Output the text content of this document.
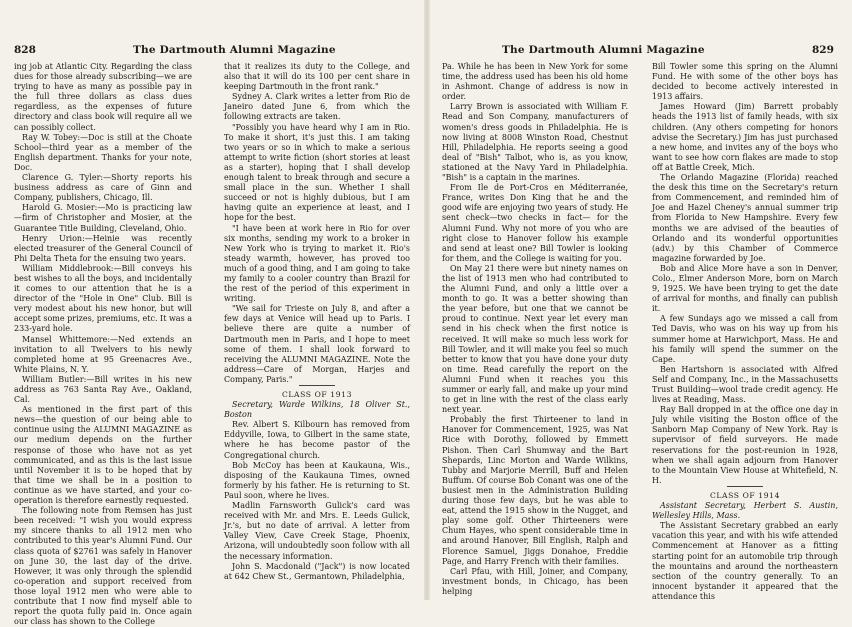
828	The Dartmouth Alumni Magazine

ing job at Atlantic City. Regarding the class dues for those already subscribing—we are trying to have as many as possible pay in the full three dollars as class dues regardless, as the expenses of future directory and class book will require all we can possibly collect.

Ray W. Tobey:—Doc is still at the Choate School—third year as a member of the English department. Thanks for your note, Doc.

Clarence G. Tyler:—Shorty reports his business address as care of Ginn and Company, publishers, Chicago, Ill.

Harold G. Mosier:—Mo is practicing law—firm of Christopher and Mosier, at the Guarantee Title Building, Cleveland, Ohio.

Henry Urion:—Heinie was recently elected treasurer of the General Council of Phi Delta Theta for the ensuing two years.

William Middlebrook:—Bill conveys his best wishes to all the boys, and incidentally it comes to our attention that he is a director of the "Hole in One" Club. Bill is very modest about his new honor, but will accept some prizes, premiums, etc. It was a 233-yard hole.

Mansel Whittemore:—Ned extends an invitation to all Twelvers to his newly completed home at 95 Greenacres Ave., White Plains, N. Y.

William Butler:—Bill writes in his new address as 763 Santa Ray Ave., Oakland, Cal.

As mentioned in the first part of this news—the question of our being able to continue using the ALUMNI MAGAZINE as our medium depends on the further response of those who have not as yet communicated, and as this is the last issue until November it is to be hoped that by that time we shall be in a position to continue as we have started, and your co-operation is therefore earnestly requested.

The following note from Remsen has just been received: "I wish you would express my sincere thanks to all 1912 men who contributed to this year's Alumni Fund. Our class quota of $2761 was safely in Hanover on June 30, the last day of the drive. However, it was only through the splendid co-operation and support received from those loyal 1912 men who were able to contribute that I now find myself able to report the quota fully paid in. Once again our class has shown to the College

that it realizes its duty to the College, and also that it will do its 100 per cent share in keeping Dartmouth in the front rank."

Sydney A. Clark writes a letter from Rio de Janeiro dated June 6, from which the following extracts are taken.

"Possibly you have heard why I am in Rio. To make it short, it's just this. I am taking two years or so in which to make a serious attempt to write fiction (short stories at least as a starter), hoping that I shall develop enough talent to break through and secure a small place in the sun. Whether I shall succeed or not is highly dubious, but I am having quite an experience at least, and I hope for the best.

"I have been at work here in Rio for over six months, sending my work to a broker in New York who is trying to market it. Rio's steady warmth, however, has proved too much of a good thing, and I am going to take my family to a cooler country than Brazil for the rest of the period of this experiment in writing.

"We sail for Trieste on July 8, and after a few days at Venice will head up to Paris. I believe there are quite a number of Dartmouth men in Paris, and I hope to meet some of them. I shall look forward to receiving the ALUMNI MAGAZINE. Note the address—Care of Morgan, Harjes and Company, Paris."

CLASS OF 1913

Secretary, Warde Wilkins, 18 Oliver St., Boston

Rev. Albert S. Kilbourn has removed from Eddyville, Iowa, to Gilbert in the same state, where he has become pastor of the Congregational church.

Bob McCoy has been at Kaukauna, Wis., disposing of the Kaukauna Times, owned formerly by his father. He is returning to St. Paul soon, where he lives.

Madlin Farnsworth Gulick's card was received with Mr. and Mrs. E. Leeds Gulick, Jr.'s, but no date of arrival. A letter from Valley View, Cave Creek Stage, Phoenix, Arizona, will undoubtedly soon follow with all the necessary information.

John S. Macdonald ("Jack") is now located at 642 Chew St., Germantown, Philadelphia,

The Dartmouth Alumni Magazine	829

Pa. While he has been in New York for some time, the address used has been his old home in Ashmont. Change of address is now in order.

Larry Brown is associated with William F. Read and Son Company, manufacturers of women's dress goods in Philadelphia. He is now living at 8008 Winston Road, Chestnut Hill, Philadelphia. He reports seeing a good deal of "Bish" Talbot, who is, as you know, stationed at the Navy Yard in Philadelphia. "Bish" is a captain in the marines.

From Ile de Port-Cros en Méditerranée, France, writes Don King that he and the good wife are enjoying two years of study. He sent check—two checks in fact— for the Alumni Fund. Why not more of you who are right close to Hanover follow his example and send at least one? Bill Towler is looking for them, and the College is waiting for you.

On May 21 there were but ninety names on the list of 1913 men who had contributed to the Alumni Fund, and only a little over a month to go. It was a better showing than the year before, but one that we cannot be proud to continue. Next year let every man send in his check when the first notice is received. It will make so much less work for Bill Towler, and it will make you feel so much better to know that you have done your duty on time. Read carefully the report on the Alumni Fund when it reaches you this summer or early fall, and make up your mind to get in line with the rest of the class early next year.

Probably the first Thirteener to land in Hanover for Commencement, 1925, was Nat Rice with Dorothy, followed by Emmett Pishon. Then Carl Shumway and the Bart Shepards, Linc Morton and Warde Wilkins, Tubby and Marjorie Merrill, Buff and Helen Buffum. Of course Bob Conant was one of the busiest men in the Administration Building during those few days, but he was able to eat, attend the 1915 show in the Nugget, and play some golf. Other Thirteeners were Chum Hayes, who spent considerable time in and around Hanover, Bill English, Ralph and Florence Samuel, Jiggs Donahoe, Freddie Page, and Harry French with their families.

Carl Pfau, with Hill, Joiner, and Company, investment bonds, in Chicago, has been helping

Bill Towler some this spring on the Alumni Fund. He with some of the other boys has decided to become actively interested in 1913 affairs.

James Howard (Jim) Barrett probably heads the 1913 list of family heads, with six children. (Any others competing for honors advise the Secretary.) Jim has just purchased a new home, and invites any of the boys who want to see how corn flakes are made to stop off at Battle Creek, Mich.

The Orlando Magazine (Florida) reached the desk this time on the Secretary's return from Commencement, and reminded him of Joe and Hazel Cheney's annual summer trip from Florida to New Hampshire. Every few months we are advised of the beauties of Orlando and its wonderful opportunities (adv.) by this Chamber of Commerce magazine forwarded by Joe.

Bob and Alice More have a son in Denver, Colo., Elmer Anderson More, born on March 9, 1925. We have been trying to get the date of arrival for months, and finally can publish it.

A few Sundays ago we missed a call from Ted Davis, who was on his way up from his summer home at Harwichport, Mass. He and his family will spend the summer on the Cape.

Ben Hartshorn is associated with Alfred Self and Company, Inc., in the Massachusetts Trust Building—wool trade credit agency. He lives at Reading, Mass.

Ray Ball dropped in at the office one day in July while visiting the Boston office of the Sanborn Map Company of New York. Ray is supervisor of field surveyors. He made reservations for the post-reunion in 1928, when we shall again adjourn from Hanover to the Mountain View House at Whitefield, N. H.

CLASS OF 1914

Assistant Secretary, Herbert S. Austin, Wellesley Hills, Mass.

The Assistant Secretary grabbed an early vacation this year, and with his wife attended Commencement at Hanover as a fitting starting point for an automobile trip through the mountains and around the northeastern section of the country generally. To an innocent bystander it appeared that the attendance this
